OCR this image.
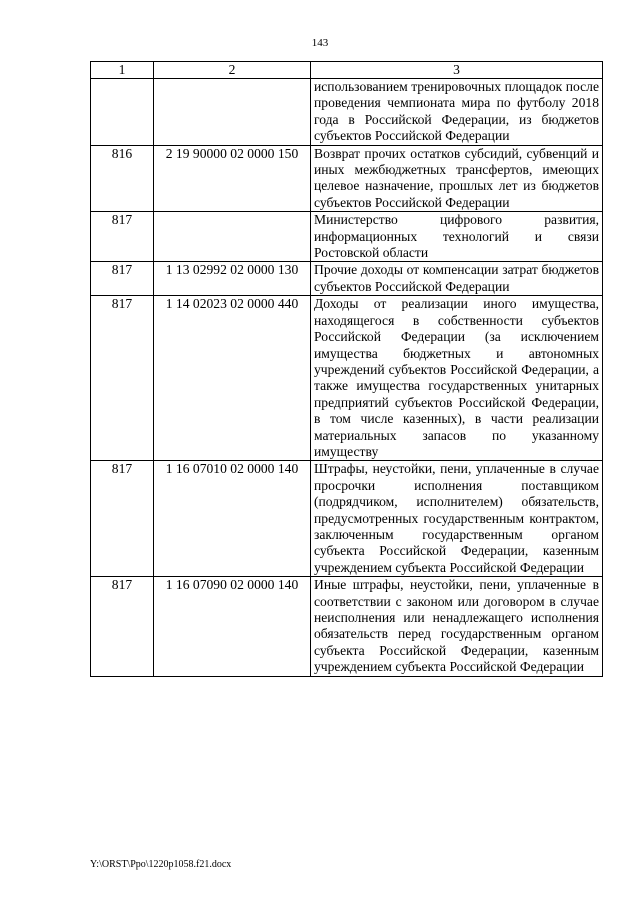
143
1	2	3
		использованием тренировочных площадок после проведения чемпионата мира по футболу 2018 года в Российской Федерации, из бюджетов субъектов Российской Федерации
816	2 19 90000 02 0000 150	Возврат прочих остатков субсидий, субвенций и иных межбюджетных трансфертов, имеющих целевое назначение, прошлых лет из бюджетов субъектов Российской Федерации
817		Министерство цифрового развития, информационных технологий и связи Ростовской области
817	1 13 02992 02 0000 130	Прочие доходы от компенсации затрат бюджетов субъектов Российской Федерации
817	1 14 02023 02 0000 440	Доходы от реализации иного имущества, находящегося в собственности субъектов Российской Федерации (за исключением имущества бюджетных и автономных учреждений субъектов Российской Федерации, а также имущества государственных унитарных предприятий субъектов Российской Федерации, в том числе казенных), в части реализации материальных запасов по указанному имуществу
817	1 16 07010 02 0000 140	Штрафы, неустойки, пени, уплаченные в случае просрочки исполнения поставщиком (подрядчиком, исполнителем) обязательств, предусмотренных государственным контрактом, заключенным государственным органом субъекта Российской Федерации, казенным учреждением субъекта Российской Федерации
817	1 16 07090 02 0000 140	Иные штрафы, неустойки, пени, уплаченные в соответствии с законом или договором в случае неисполнения или ненадлежащего исполнения обязательств перед государственным органом субъекта Российской Федерации, казенным учреждением субъекта Российской Федерации
Y:\ORST\Ppo\1220p1058.f21.docx
